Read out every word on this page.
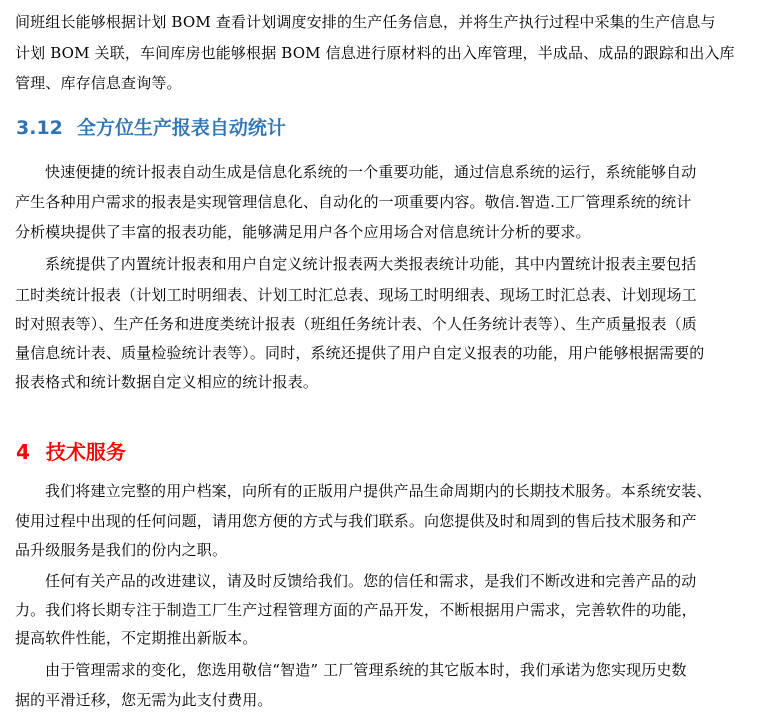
间班组长能够根据计划 BOM 查看计划调度安排的生产任务信息，并将生产执行过程中采集的生产信息与
计划 BOM 关联，车间库房也能够根据 BOM 信息进行原材料的出入库管理，半成品、成品的跟踪和出入库
管理、库存信息查询等。
3.12 全方位生产报表自动统计
快速便捷的统计报表自动生成是信息化系统的一个重要功能，通过信息系统的运行，系统能够自动
产生各种用户需求的报表是实现管理信息化、自动化的一项重要内容。敬信.智造.工厂管理系统的统计
分析模块提供了丰富的报表功能，能够满足用户各个应用场合对信息统计分析的要求。
系统提供了内置统计报表和用户自定义统计报表两大类报表统计功能，其中内置统计报表主要包括
工时类统计报表（计划工时明细表、计划工时汇总表、现场工时明细表、现场工时汇总表、计划现场工
时对照表等）、生产任务和进度类统计报表（班组任务统计表、个人任务统计表等）、生产质量报表（质
量信息统计表、质量检验统计表等）。同时，系统还提供了用户自定义报表的功能，用户能够根据需要的
报表格式和统计数据自定义相应的统计报表。
4 技术服务
我们将建立完整的用户档案，向所有的正版用户提供产品生命周期内的长期技术服务。本系统安装、
使用过程中出现的任何问题，请用您方便的方式与我们联系。向您提供及时和周到的售后技术服务和产
品升级服务是我们的份内之职。
任何有关产品的改进建议，请及时反馈给我们。您的信任和需求，是我们不断改进和完善产品的动
力。我们将长期专注于制造工厂生产过程管理方面的产品开发，不断根据用户需求，完善软件的功能，
提高软件性能，不定期推出新版本。
由于管理需求的变化，您选用敬信“智造” 工厂管理系统的其它版本时，我们承诺为您实现历史数
据的平滑迁移，您无需为此支付费用。
